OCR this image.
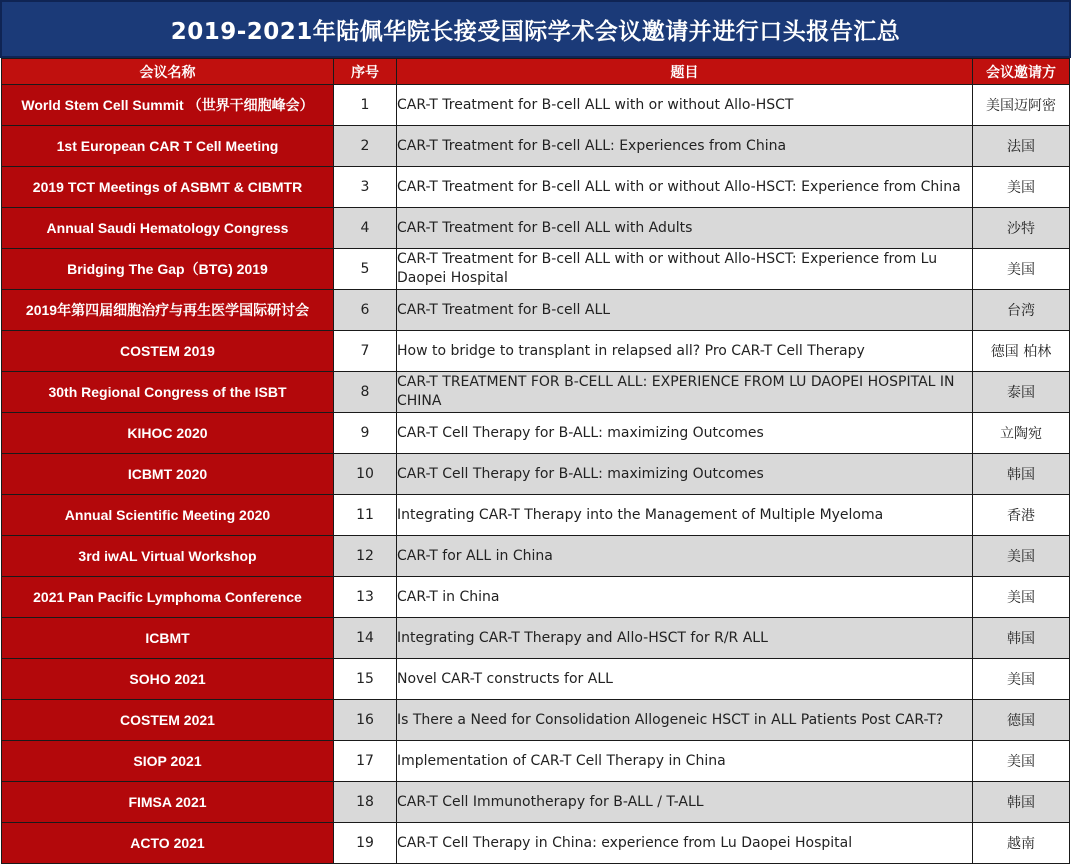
2019-2021年陆佩华院长接受国际学术会议邀请并进行口头报告汇总
会议名称	序号	题目	会议邀请方
World Stem Cell Summit （世界干细胞峰会）	1	CAR-T Treatment for B-cell ALL with or without Allo-HSCT	美国迈阿密
1st European CAR T Cell Meeting	2	CAR-T Treatment for B-cell ALL: Experiences from China	法国
2019 TCT Meetings of ASBMT & CIBMTR	3	CAR-T Treatment for B-cell ALL with or without Allo-HSCT: Experience from China	美国
Annual Saudi Hematology Congress	4	CAR-T Treatment for B-cell ALL with Adults	沙特
Bridging The Gap（BTG) 2019	5	CAR-T Treatment for B-cell ALL with or without Allo-HSCT: Experience from Lu Daopei Hospital	美国
2019年第四届细胞治疗与再生医学国际研讨会	6	CAR-T Treatment for B-cell ALL	台湾
COSTEM 2019	7	How to bridge to transplant in relapsed all? Pro CAR-T Cell Therapy	德国 柏林
30th Regional Congress of the ISBT	8	CAR-T TREATMENT FOR B-CELL ALL: EXPERIENCE FROM LU DAOPEI HOSPITAL IN CHINA	泰国
KIHOC 2020	9	CAR-T Cell Therapy for B-ALL: maximizing Outcomes	立陶宛
ICBMT 2020	10	CAR-T Cell Therapy for B-ALL: maximizing Outcomes	韩国
Annual Scientific Meeting 2020	11	Integrating CAR-T Therapy into the Management of Multiple Myeloma	香港
3rd iwAL Virtual Workshop	12	CAR-T for ALL in China	美国
2021 Pan Pacific Lymphoma Conference	13	CAR-T in China	美国
ICBMT	14	Integrating CAR-T Therapy and Allo-HSCT for R/R ALL	韩国
SOHO 2021	15	Novel CAR-T constructs for ALL	美国
COSTEM 2021	16	Is There a Need for Consolidation Allogeneic HSCT in ALL Patients Post CAR-T?	德国
SIOP 2021	17	Implementation of CAR-T Cell Therapy in China	美国
FIMSA 2021	18	CAR-T Cell Immunotherapy for B-ALL / T-ALL	韩国
ACTO 2021	19	CAR-T Cell Therapy in China: experience from Lu Daopei Hospital	越南
